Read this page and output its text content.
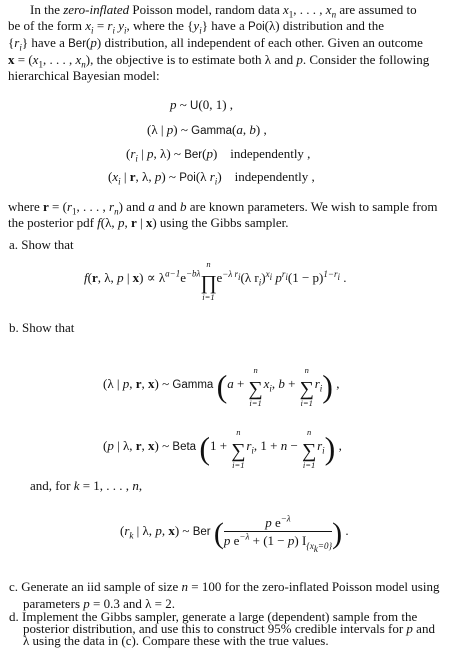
In the zero-inflated Poisson model, random data $x_1$, . . . , $x_n$ are assumed to
be of the form $x_i = r_i$ $y_i$, where the $\{y_i\}$ have a Poi(λ) distribution and the
$\{r_i\}$ have a Ber(p) distribution, all independent of each other. Given an outcome
$x = (x_1$, . . . , $x_n$), the objective is to estimate both λ and p. Consider the following
hierarchical Bayesian model:
p ~ U(0, 1) ,
(λ | p) ~ Gamma(a, b) ,
($r_i$ | p, λ) ~ Ber(p)    independently ,
($x_i$ | r, λ, p) ~ Poi(λ $r_i$)    independently ,
where $r = (r_1$, . . . , $r_n$) and a and b are known parameters. We wish to sample from
the posterior pdf f(λ, p, r | x) using the Gibbs sampler.
a. Show that
f(r, λ, p | $x) \propto \lambda^{a-1}e^{-b\lambda}$
n
∏
i=1
$e^{-\lambda r_i}(\lambda$ $r_i)^{x_i}$ $p^{r_i}(1 - p)^{1-r_i}$ .
b. Show that
(λ | p, r, x) ~ Gamma (a +
n
∑
i=1
$x_i$, b +
n
∑
i=1
$r_i$) ,
(p | λ, r, x) ~ Beta (1 +
n
∑
i=1
$r_i$, 1 + n −
n
∑
i=1
$r_i$) ,
and, for k = 1, . . . , n,
($r_k$ | λ, p, x) ~ Ber ( $\frac{p e^{-\lambda}}{p e^{-\lambda} + (1 - p) I_{\{x_k=0\}}}$ ) .
c. Generate an iid sample of size n = 100 for the zero-inflated Poisson model using
parameters p = 0.3 and λ = 2.
d. Implement the Gibbs sampler, generate a large (dependent) sample from the
posterior distribution, and use this to construct 95% credible intervals for p and
λ using the data in (c). Compare these with the true values.
